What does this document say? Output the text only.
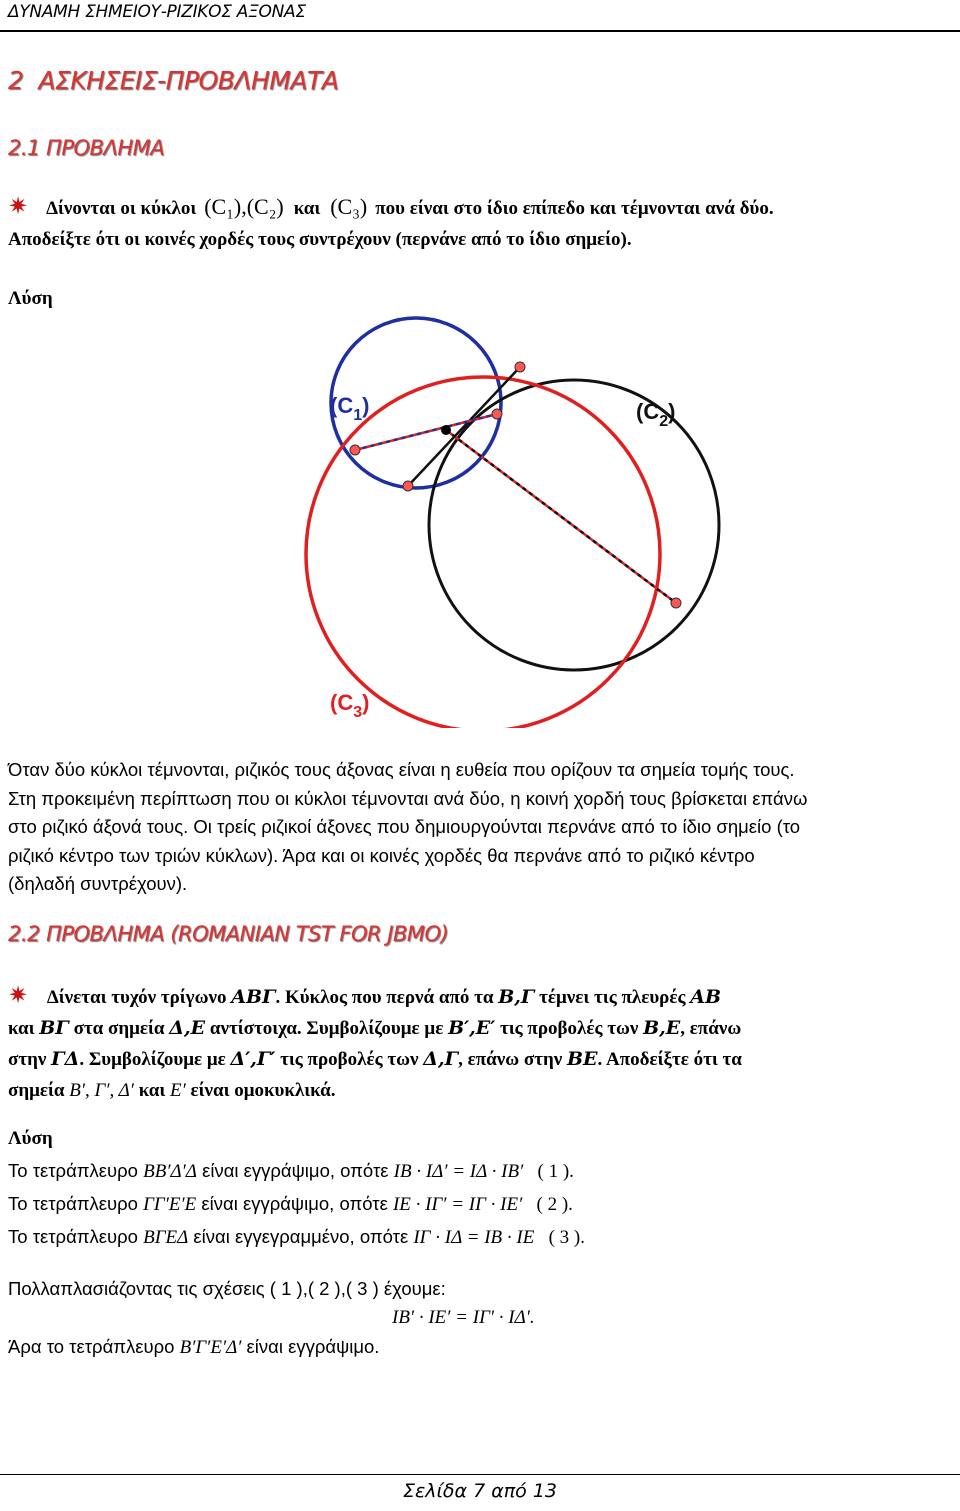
ΔΥΝΑΜΗ ΣΗΜΕΙΟΥ-ΡΙΖΙΚΟΣ ΑΞΟΝΑΣ
2 ΑΣΚΗΣΕΙΣ-ΠΡΟΒΛΗΜΑΤΑ
2.1 ΠΡΟΒΛΗΜΑ
✷ Δίνονται οι κύκλοι (C₁),(C₂) και (C₃) που είναι στο ίδιο επίπεδο και τέμνονται ανά δύο.
Αποδείξτε ότι οι κοινές χορδές τους συντρέχουν (περνάνε από το ίδιο σημείο).
Λύση
$(C_1)$	$(C_2)$
$(C_3)$
Όταν δύο κύκλοι τέμνονται, ριζικός τους άξονας είναι η ευθεία που ορίζουν τα σημεία τομής τους.
Στη προκειμένη περίπτωση που οι κύκλοι τέμνονται ανά δύο, η κοινή χορδή τους βρίσκεται επάνω
στο ριζικό άξονά τους. Οι τρείς ριζικοί άξονες που δημιουργούνται περνάνε από το ίδιο σημείο (το
ριζικό κέντρο των τριών κύκλων). Άρα και οι κοινές χορδές θα περνάνε από το ριζικό κέντρο
(δηλαδή συντρέχουν).
2.2 ΠΡΟΒΛΗΜΑ (ROMANIAN TST FOR JBMO)
✷ Δίνεται τυχόν τρίγωνο ΑΒΓ. Κύκλος που περνά από τα Β,Γ τέμνει τις πλευρές ΑΒ
και ΒΓ στα σημεία Δ,Ε αντίστοιχα. Συμβολίζουμε με Β′,Ε′ τις προβολές των Β,Ε, επάνω
στην ΓΔ. Συμβολίζουμε με Δ′,Γ′ τις προβολές των Δ,Γ, επάνω στην ΒΕ. Αποδείξτε ότι τα
σημεία Β′, Γ′, Δ′ και Ε′ είναι ομοκυκλικά.
Λύση
Το τετράπλευρο ΒΒ′Δ′Δ είναι εγγράψιμο, οπότε ΙΒ · ΙΔ′ = ΙΔ · ΙΒ′ ( 1 ).
Το τετράπλευρο ΓΓ′Ε′Ε είναι εγγράψιμο, οπότε ΙΕ · ΙΓ′ = ΙΓ · ΙΕ′ ( 2 ).
Το τετράπλευρο ΒΓΕΔ είναι εγγεγραμμένο, οπότε ΙΓ · ΙΔ = ΙΒ · ΙΕ ( 3 ).
Πολλαπλασιάζοντας τις σχέσεις ( 1 ),( 2 ),( 3 ) έχουμε:
ΙΒ′ · ΙΕ′ = ΙΓ′ · ΙΔ′.
Άρα το τετράπλευρο Β′Γ′Ε′Δ′ είναι εγγράψιμο.
Σελίδα 7 από 13
